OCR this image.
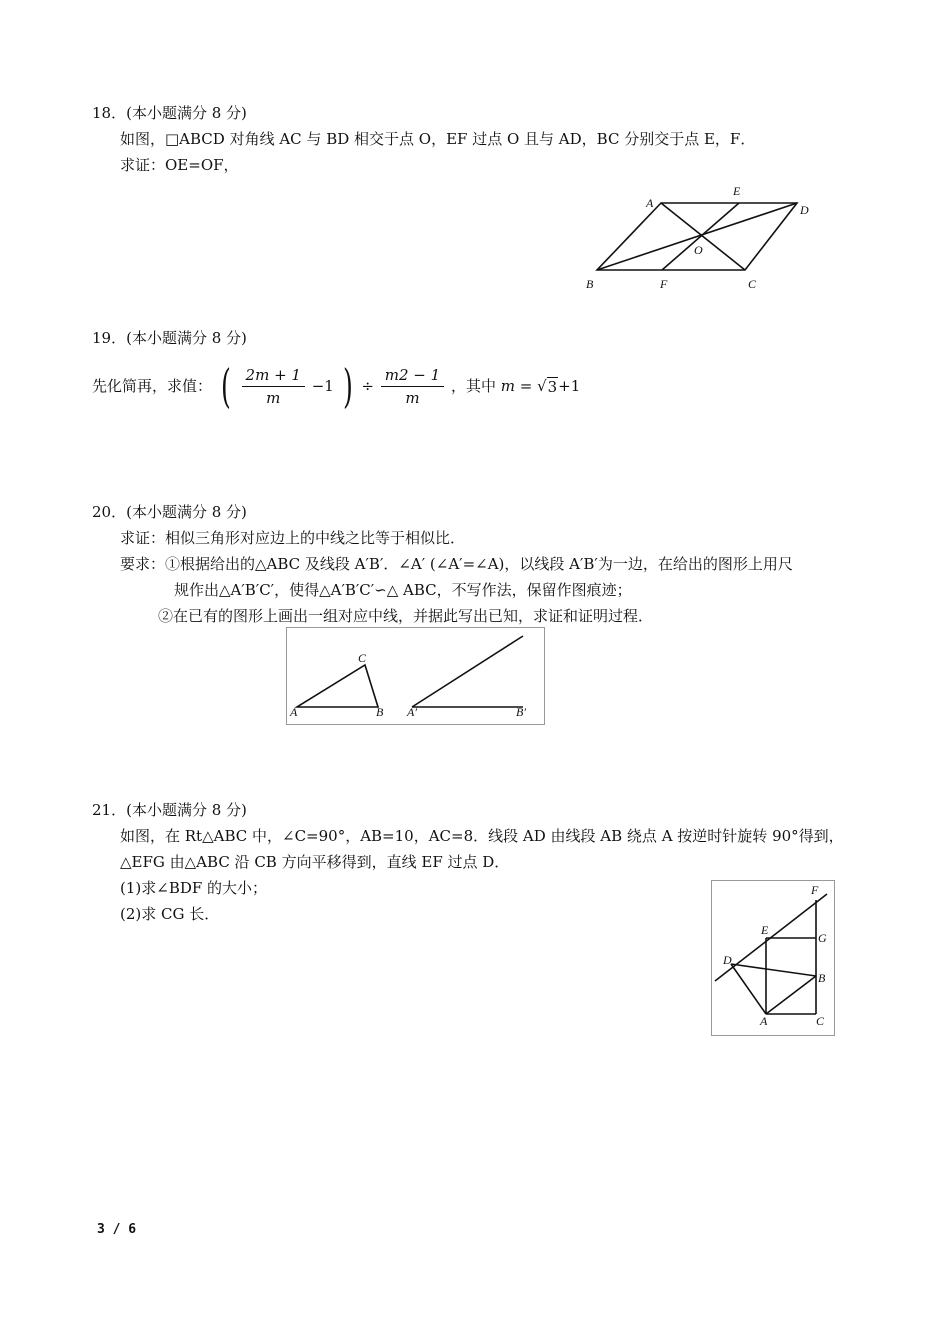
18．(本小题满分 8 分)
如图，□ABCD 对角线 AC 与 BD 相交于点 O，EF 过点 O 且与 AD，BC 分别交于点 E，F．
求证：OE=OF，
A
E
D
O
B	F	C
19．(本小题满分 8 分)
先化简再，求值： ( $\frac{2m + 1}{m} -1$ ) ÷ $\frac{m2 - 1}{m}$ ，其中 m = √3+1
20．(本小题满分 8 分)
求证：相似三角形对应边上的中线之比等于相似比．
要求：①根据给出的△ABC 及线段 A′B′．∠A′ (∠A′=∠A)，以线段 A′B′为一边，在给出的图形上用尺
规作出△A′B′C′，使得△A′B′C′∽△ ABC，不写作法，保留作图痕迹；
②在已有的图形上画出一组对应中线，并据此写出已知，求证和证明过程．
A	B
C
A′	B′
21．(本小题满分 8 分)
如图，在 Rt△ABC 中，∠C=90°，AB=10，AC=8．线段 AD 由线段 AB 绕点 A 按逆时针旋转 90°得到，
△EFG 由△ABC 沿 CB 方向平移得到，直线 EF 过点 D．
(1)求∠BDF 的大小；
(2)求 CG 长．
F
E
G
D
B
A	C
3 / 6
